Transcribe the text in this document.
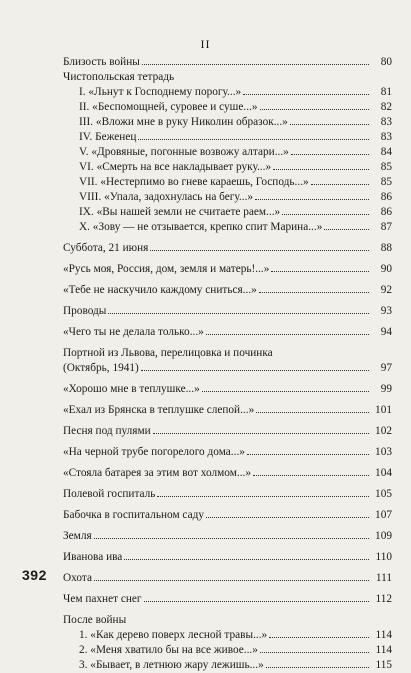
II
Близость войны	80
Чистопольская тетрадь
I. «Льнут к Господнему порогу...»	81
II. «Беспомощней, суровее и суше...»	82
III. «Вложи мне в руку Николин образок...»	83
IV. Беженец	83
V. «Дровяные, погонные возвожу алтари...»	84
VI. «Смерть на все накладывает руку...»	85
VII. «Нестерпимо во гневе караешь, Господь...»	85
VIII. «Упала, задохнулась на бегу...»	86
IX. «Вы нашей земли не считаете раем...»	86
X. «Зову — не отзывается, крепко спит Марина...»	87
Суббота, 21 июня	88
«Русь моя, Россия, дом, земля и матерь!...»	90
«Тебе не наскучило каждому сниться...»	92
Проводы	93
«Чего ты не делала только...»	94
Портной из Львова, перелицовка и починка
(Октябрь, 1941)	97
«Хорошо мне в теплушке...»	99
«Ехал из Брянска в теплушке слепой...»	101
Песня под пулями	102
«На черной трубе погорелого дома...»	103
«Стояла батарея за этим вот холмом...»	104
Полевой госпиталь	105
Бабочка в госпитальном саду	107
Земля	109
Иванова ива	110
Охота	111
Чем пахнет снег	112
После войны
1. «Как дерево поверх лесной травы...»	114
2. «Меня хватило бы на все живое...»	114
3. «Бывает, в летнюю жару лежишь...»	115
392
